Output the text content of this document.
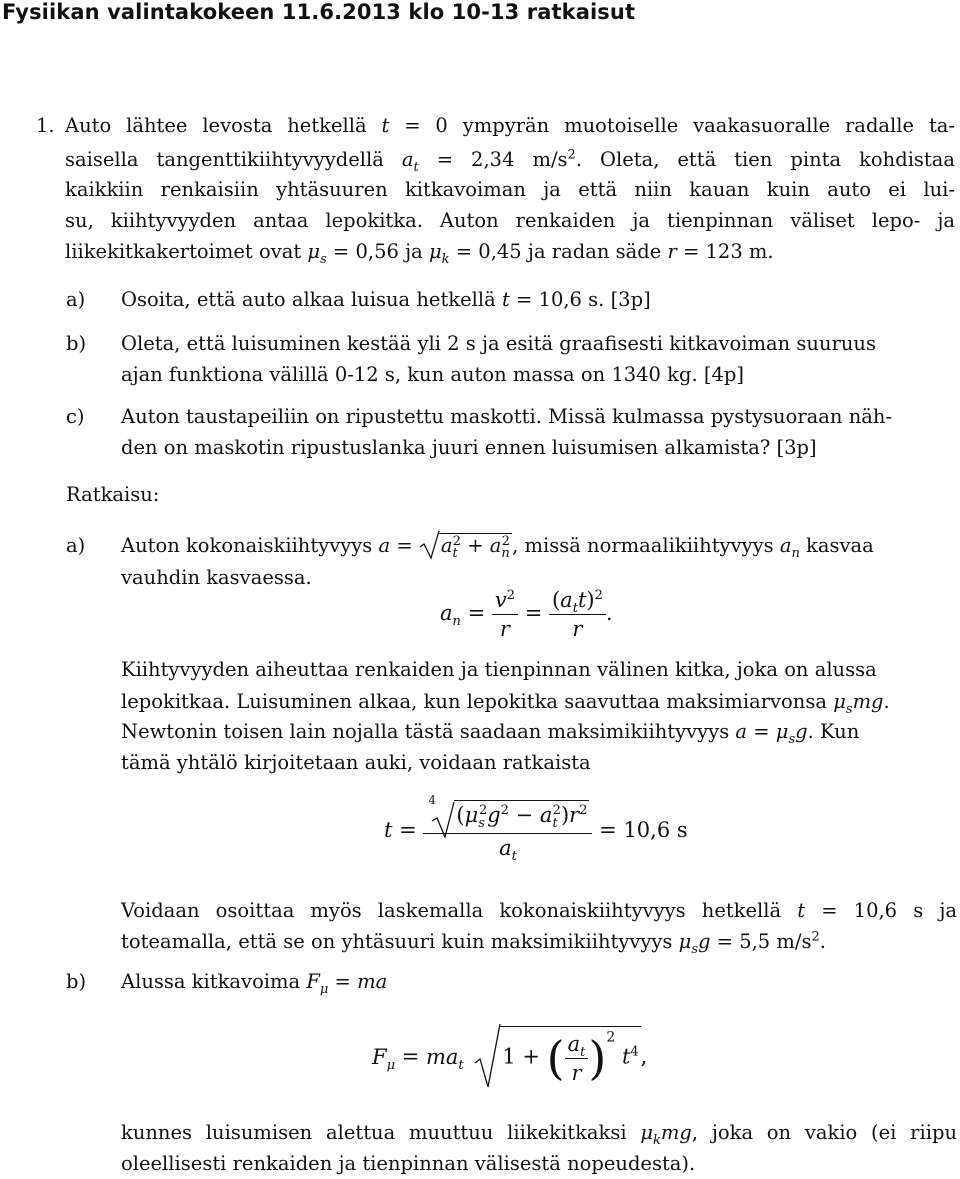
Fysiikan valintakokeen 11.6.2013 klo 10-13 ratkaisut
1. Auto lähtee levosta hetkellä t = 0 ympyrän muotoiselle vaakasuoralle radalle ta-
saisella tangenttikiihtyvyydellä $a_t = 2,34$ $m/s^2$. Oleta, että tien pinta kohdistaa
kaikkiin renkaisiin yhtäsuuren kitkavoiman ja että niin kauan kuin auto ei lui-
su, kiihtyvyyden antaa lepokitka. Auton renkaiden ja tienpinnan väliset lepo- ja
liikekitkakertoimet ovat $\mu_s = 0,56$ ja $\mu_k = 0,45$ ja radan säde r = 123 m.
a) Osoita, että auto alkaa luisua hetkellä t = 10,6 s. [3p]
b) Oleta, että luisuminen kestää yli 2 s ja esitä graafisesti kitkavoiman suuruus
ajan funktiona välillä 0-12 s, kun auton massa on 1340 kg. [4p]
c) Auton taustapeiliin on ripustettu maskotti. Missä kulmassa pystysuoraan näh-
den on maskotin ripustuslanka juuri ennen luisumisen alkamista? [3p]
Ratkaisu:
a) Auton kokonaiskiihtyvyys $a = a_t^2 + a_n^2$ , missä normaalikiihtyvyys $a_n$ kasvaa
vauhdin kasvaessa.
$a_n = \frac{v^2}{r} = \frac{(a_tt)^2}{r}$ .
Kiihtyvyyden aiheuttaa renkaiden ja tienpinnan välinen kitka, joka on alussa
lepokitkaa. Luisuminen alkaa, kun lepokitka saavuttaa maksimiarvonsa $\mu_smg$.
Newtonin toisen lain nojalla tästä saadaan maksimikiihtyvyys $a = \mu_sg$. Kun
tämä yhtälö kirjoitetaan auki, voidaan ratkaista
t = 4
$(\mu_s^2g^2 - a_t^2)r^2$
$a_t = 10,6$ s
Voidaan osoittaa myös laskemalla kokonaiskiihtyvyys hetkellä t = 10,6 s ja
toteamalla, että se on yhtäsuuri kuin maksimikiihtyvyys $\mu_sg = 5,5$ $m/s^2$.
b) Alussa kitkavoima $F_\mu$ = ma
$F_\mu = ma_t$ 1 + ( $\frac{a_t}{r} )^2$ $t^4$
,
kunnes luisumisen alettua muuttuu liikekitkaksi $\mu_kmg$, joka on vakio (ei riipu
oleellisesti renkaiden ja tienpinnan välisestä nopeudesta).
